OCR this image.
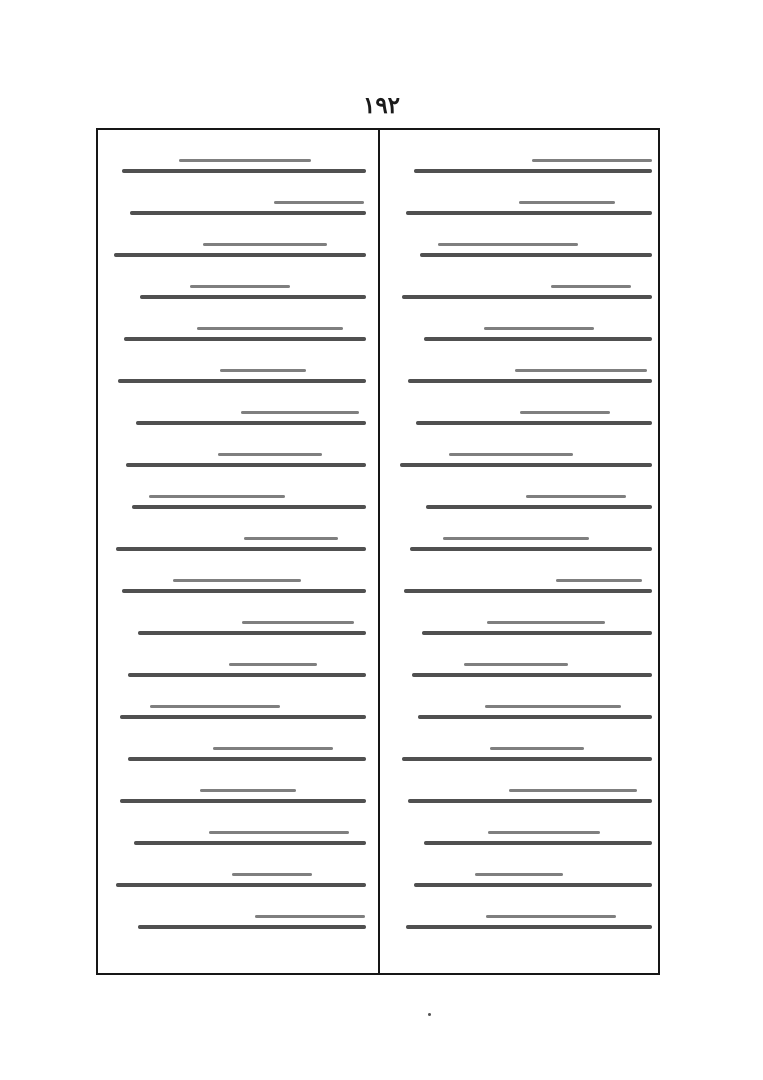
۱۹۲
